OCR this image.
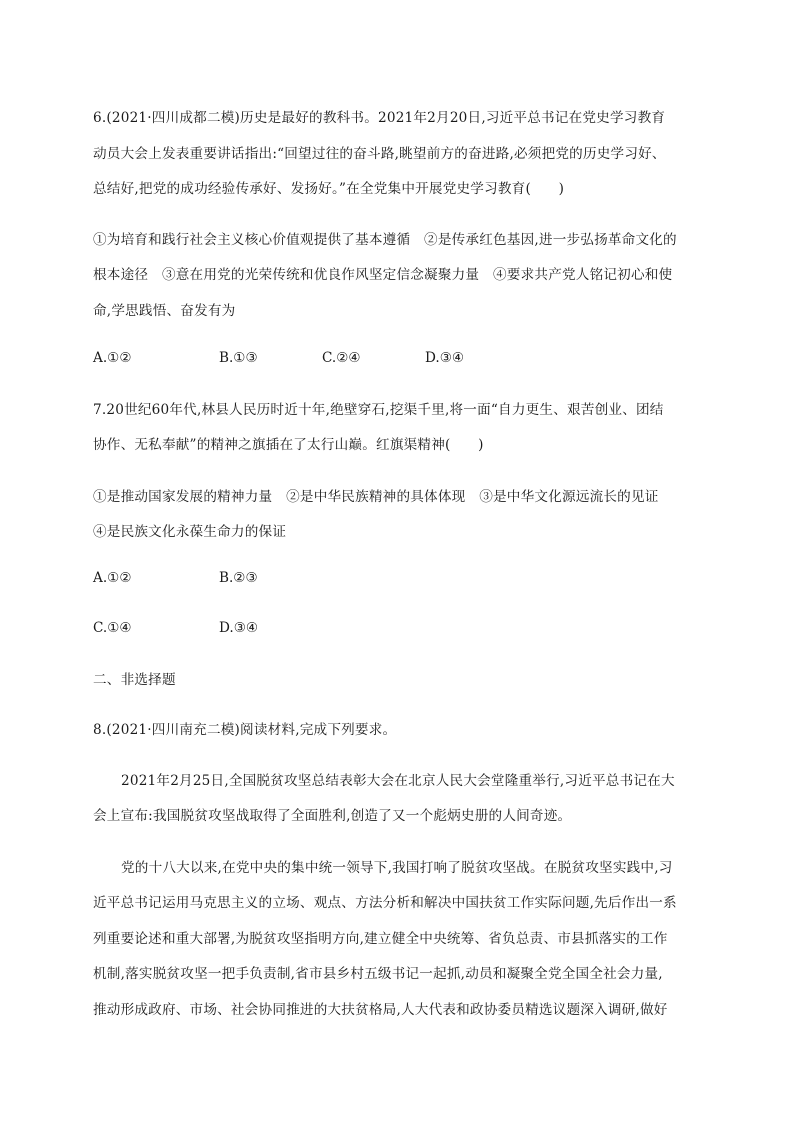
6.(2021·四川成都二模)历史是最好的教科书。2021年2月20日,习近平总书记在党史学习教育
动员大会上发表重要讲话指出:“回望过往的奋斗路,眺望前方的奋进路,必须把党的历史学习好、
总结好,把党的成功经验传承好、发扬好。”在全党集中开展党史学习教育(　　)
①为培育和践行社会主义核心价值观提供了基本遵循　②是传承红色基因,进一步弘扬革命文化的
根本途径　③意在用党的光荣传统和优良作风坚定信念凝聚力量　④要求共产党人铭记初心和使
命,学思践悟、奋发有为
A.①②	B.①③	C.②④	D.③④
7.20世纪60年代,林县人民历时近十年,绝壁穿石,挖渠千里,将一面“自力更生、艰苦创业、团结
协作、无私奉献”的精神之旗插在了太行山巅。红旗渠精神(　　)
①是推动国家发展的精神力量　②是中华民族精神的具体体现　③是中华文化源远流长的见证
④是民族文化永葆生命力的保证
A.①②	B.②③
C.①④	D.③④
二、非选择题
8.(2021·四川南充二模)阅读材料,完成下列要求。
2021年2月25日,全国脱贫攻坚总结表彰大会在北京人民大会堂隆重举行,习近平总书记在大
会上宣布:我国脱贫攻坚战取得了全面胜利,创造了又一个彪炳史册的人间奇迹。
党的十八大以来,在党中央的集中统一领导下,我国打响了脱贫攻坚战。在脱贫攻坚实践中,习
近平总书记运用马克思主义的立场、观点、方法分析和解决中国扶贫工作实际问题,先后作出一系
列重要论述和重大部署,为脱贫攻坚指明方向,建立健全中央统筹、省负总责、市县抓落实的工作
机制,落实脱贫攻坚一把手负责制,省市县乡村五级书记一起抓,动员和凝聚全党全国全社会力量,
推动形成政府、市场、社会协同推进的大扶贫格局,人大代表和政协委员精选议题深入调研,做好
